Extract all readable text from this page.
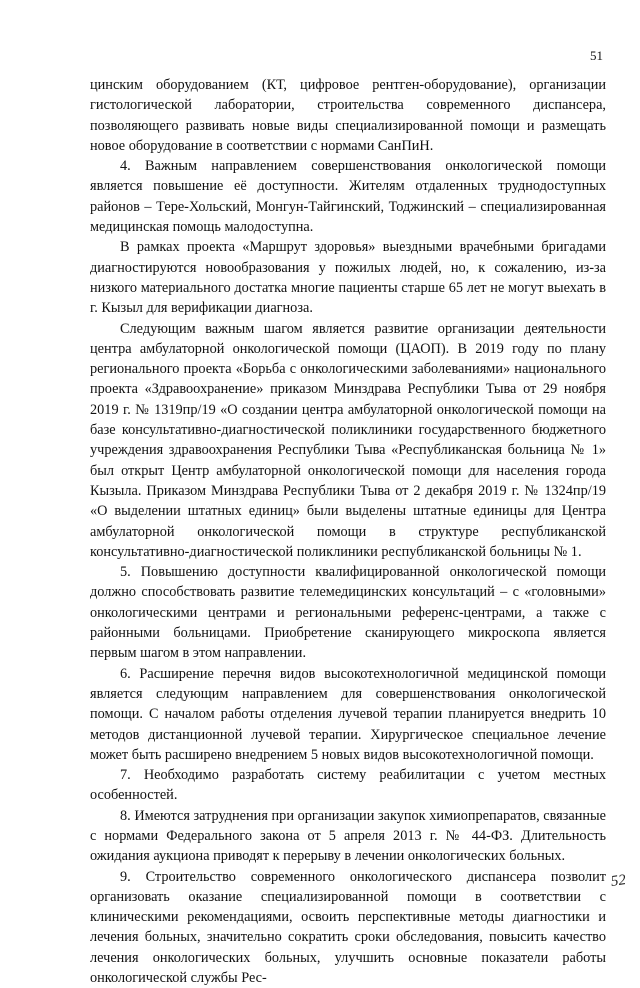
51

цинским оборудованием (КТ, цифровое рентген-оборудование), организации гистологической лаборатории, строительства современного диспансера, позволяющего развивать новые виды специализированной помощи и размещать новое оборудование в соответствии с нормами СанПиН.

4. Важным направлением совершенствования онкологической помощи является повышение её доступности. Жителям отдаленных труднодоступных районов – Тере-Хольский, Монгун-Тайгинский, Тоджинский – специализированная медицинская помощь малодоступна.

В рамках проекта «Маршрут здоровья» выездными врачебными бригадами диагностируются новообразования у пожилых людей, но, к сожалению, из-за низкого материального достатка многие пациенты старше 65 лет не могут выехать в г. Кызыл для верификации диагноза.

Следующим важным шагом является развитие организации деятельности центра амбулаторной онкологической помощи (ЦАОП). В 2019 году по плану регионального проекта «Борьба с онкологическими заболеваниями» национального проекта «Здравоохранение» приказом Минздрава Республики Тыва от 29 ноября 2019 г. № 1319пр/19 «О создании центра амбулаторной онкологической помощи на базе консультативно-диагностической поликлиники государственного бюджетного учреждения здравоохранения Республики Тыва «Республиканская больница № 1» был открыт Центр амбулаторной онкологической помощи для населения города Кызыла. Приказом Минздрава Республики Тыва от 2 декабря 2019 г. № 1324пр/19 «О выделении штатных единиц» были выделены штатные единицы для Центра амбулаторной онкологической помощи в структуре республиканской консультативно-диагностической поликлиники республиканской больницы № 1.

5. Повышению доступности квалифицированной онкологической помощи должно способствовать развитие телемедицинских консультаций – с «головными» онкологическими центрами и региональными референс-центрами, а также с районными больницами. Приобретение сканирующего микроскопа является первым шагом в этом направлении.

6. Расширение перечня видов высокотехнологичной медицинской помощи является следующим направлением для совершенствования онкологической помощи. С началом работы отделения лучевой терапии планируется внедрить 10 методов дистанционной лучевой терапии. Хирургическое специальное лечение может быть расширено внедрением 5 новых видов высокотехнологичной помощи.

7. Необходимо разработать систему реабилитации с учетом местных особенностей.

8. Имеются затруднения при организации закупок химиопрепаратов, связанные с нормами Федерального закона от 5 апреля 2013 г. № 44-ФЗ. Длительность ожидания аукциона приводят к перерыву в лечении онкологических больных.

9. Строительство современного онкологического диспансера позволит организовать оказание специализированной помощи в соответствии с клиническими рекомендациями, освоить перспективные методы диагностики и лечения больных, значительно сократить сроки обследования, повысить качество лечения онкологических больных, улучшить основные показатели работы онкологической службы Рес-

52
